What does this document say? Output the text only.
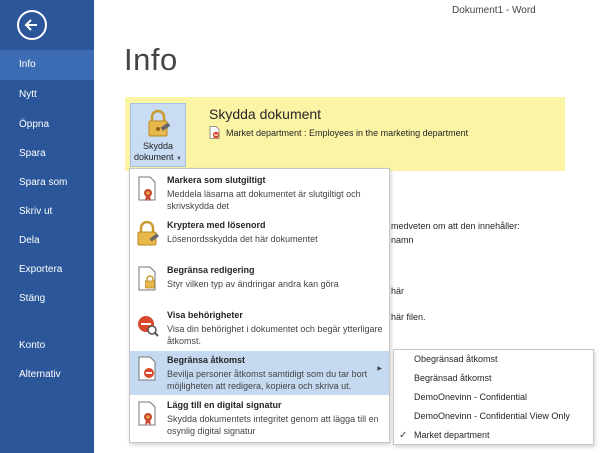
Info
Nytt
Öppna
Spara
Spara som
Skriv ut
Dela
Exportera
Stäng
Konto
Alternativ
Dokument1 - Word
Info
Skydda
dokument ▼
Skydda dokument
Market department : Employees in the marketing department
medveten om att den innehåller:
namn
här
här filen.
Markera som slutgiltigt
Meddela läsarna att dokumentet är slutgiltigt och skrivskyddа det
Kryptera med lösenord
Lösenordsskydda det här dokumentet
Begränsa redigering
Styr vilken typ av ändringar andra kan göra
Visa behörigheter
Visa din behörighet i dokumentet och begär ytterligare åtkomst.
Begränsa åtkomst
Bevilja personer åtkomst samtidigt som du tar bort möjligheten att redigera, kopiera och skriva ut.
▶
Lägg till en digital signatur
Skydda dokumentets integritet genom att lägga till en osynlig digital signatur
Obegränsad åtkomst
Begränsad åtkomst
DemoOnevinn - Confidential
DemoOnevinn - Confidential View Only
✓ Market department
